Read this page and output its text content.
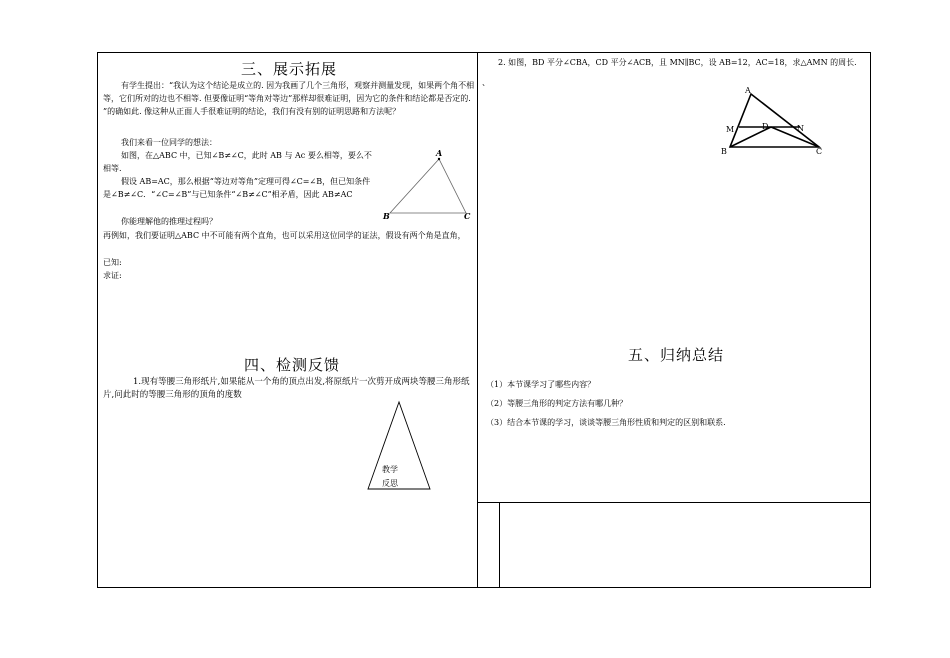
三、展示拓展
有学生提出：“我认为这个结论是成立的. 因为我画了几个三角形，观察并测量发现，如果两个角不相等，它们所对的边也不相等. 但要像证明“等角对等边”那样却很难证明，因为它的条件和结论都是否定的. ”的确如此. 像这种从正面人手很难证明的结论，我们有没有别的证明思路和方法呢？
我们来看一位同学的想法：
如图，在△ABC 中，已知∠B≠∠C，此时 AB 与 Ac 要么相等，要么不相等.
假设 AB=AC，那么根据“等边对等角”定理可得∠C=∠B，但已知条件是∠B≠∠C．“∠C=∠B”与已知条件“∠B≠∠C”相矛盾，因此 AB≠AC
你能理解他的推理过程吗？
再例如，我们要证明△ABC 中不可能有两个直角，也可以采用这位同学的证法，假设有两个角是直角，
已知:
求证:
A
B	C
四、检测反馈
1.现有等腰三角形纸片,如果能从一个角的顶点出发,将原纸片一次剪开成两块等腰三角形纸片,问此时的等腰三角形的顶角的度数
2. 如图，BD 平分∠CBA，CD 平分∠ACB，且 MN∥BC，设 AB=12，AC=18，求△AMN 的周长.
、
A
M	D	N
B	C
五、归纳总结
（1）本节课学习了哪些内容？
（2）等腰三角形的判定方法有哪几种？
（3）结合本节课的学习，谈谈等腰三角形性质和判定的区别和联系.
教学反思
